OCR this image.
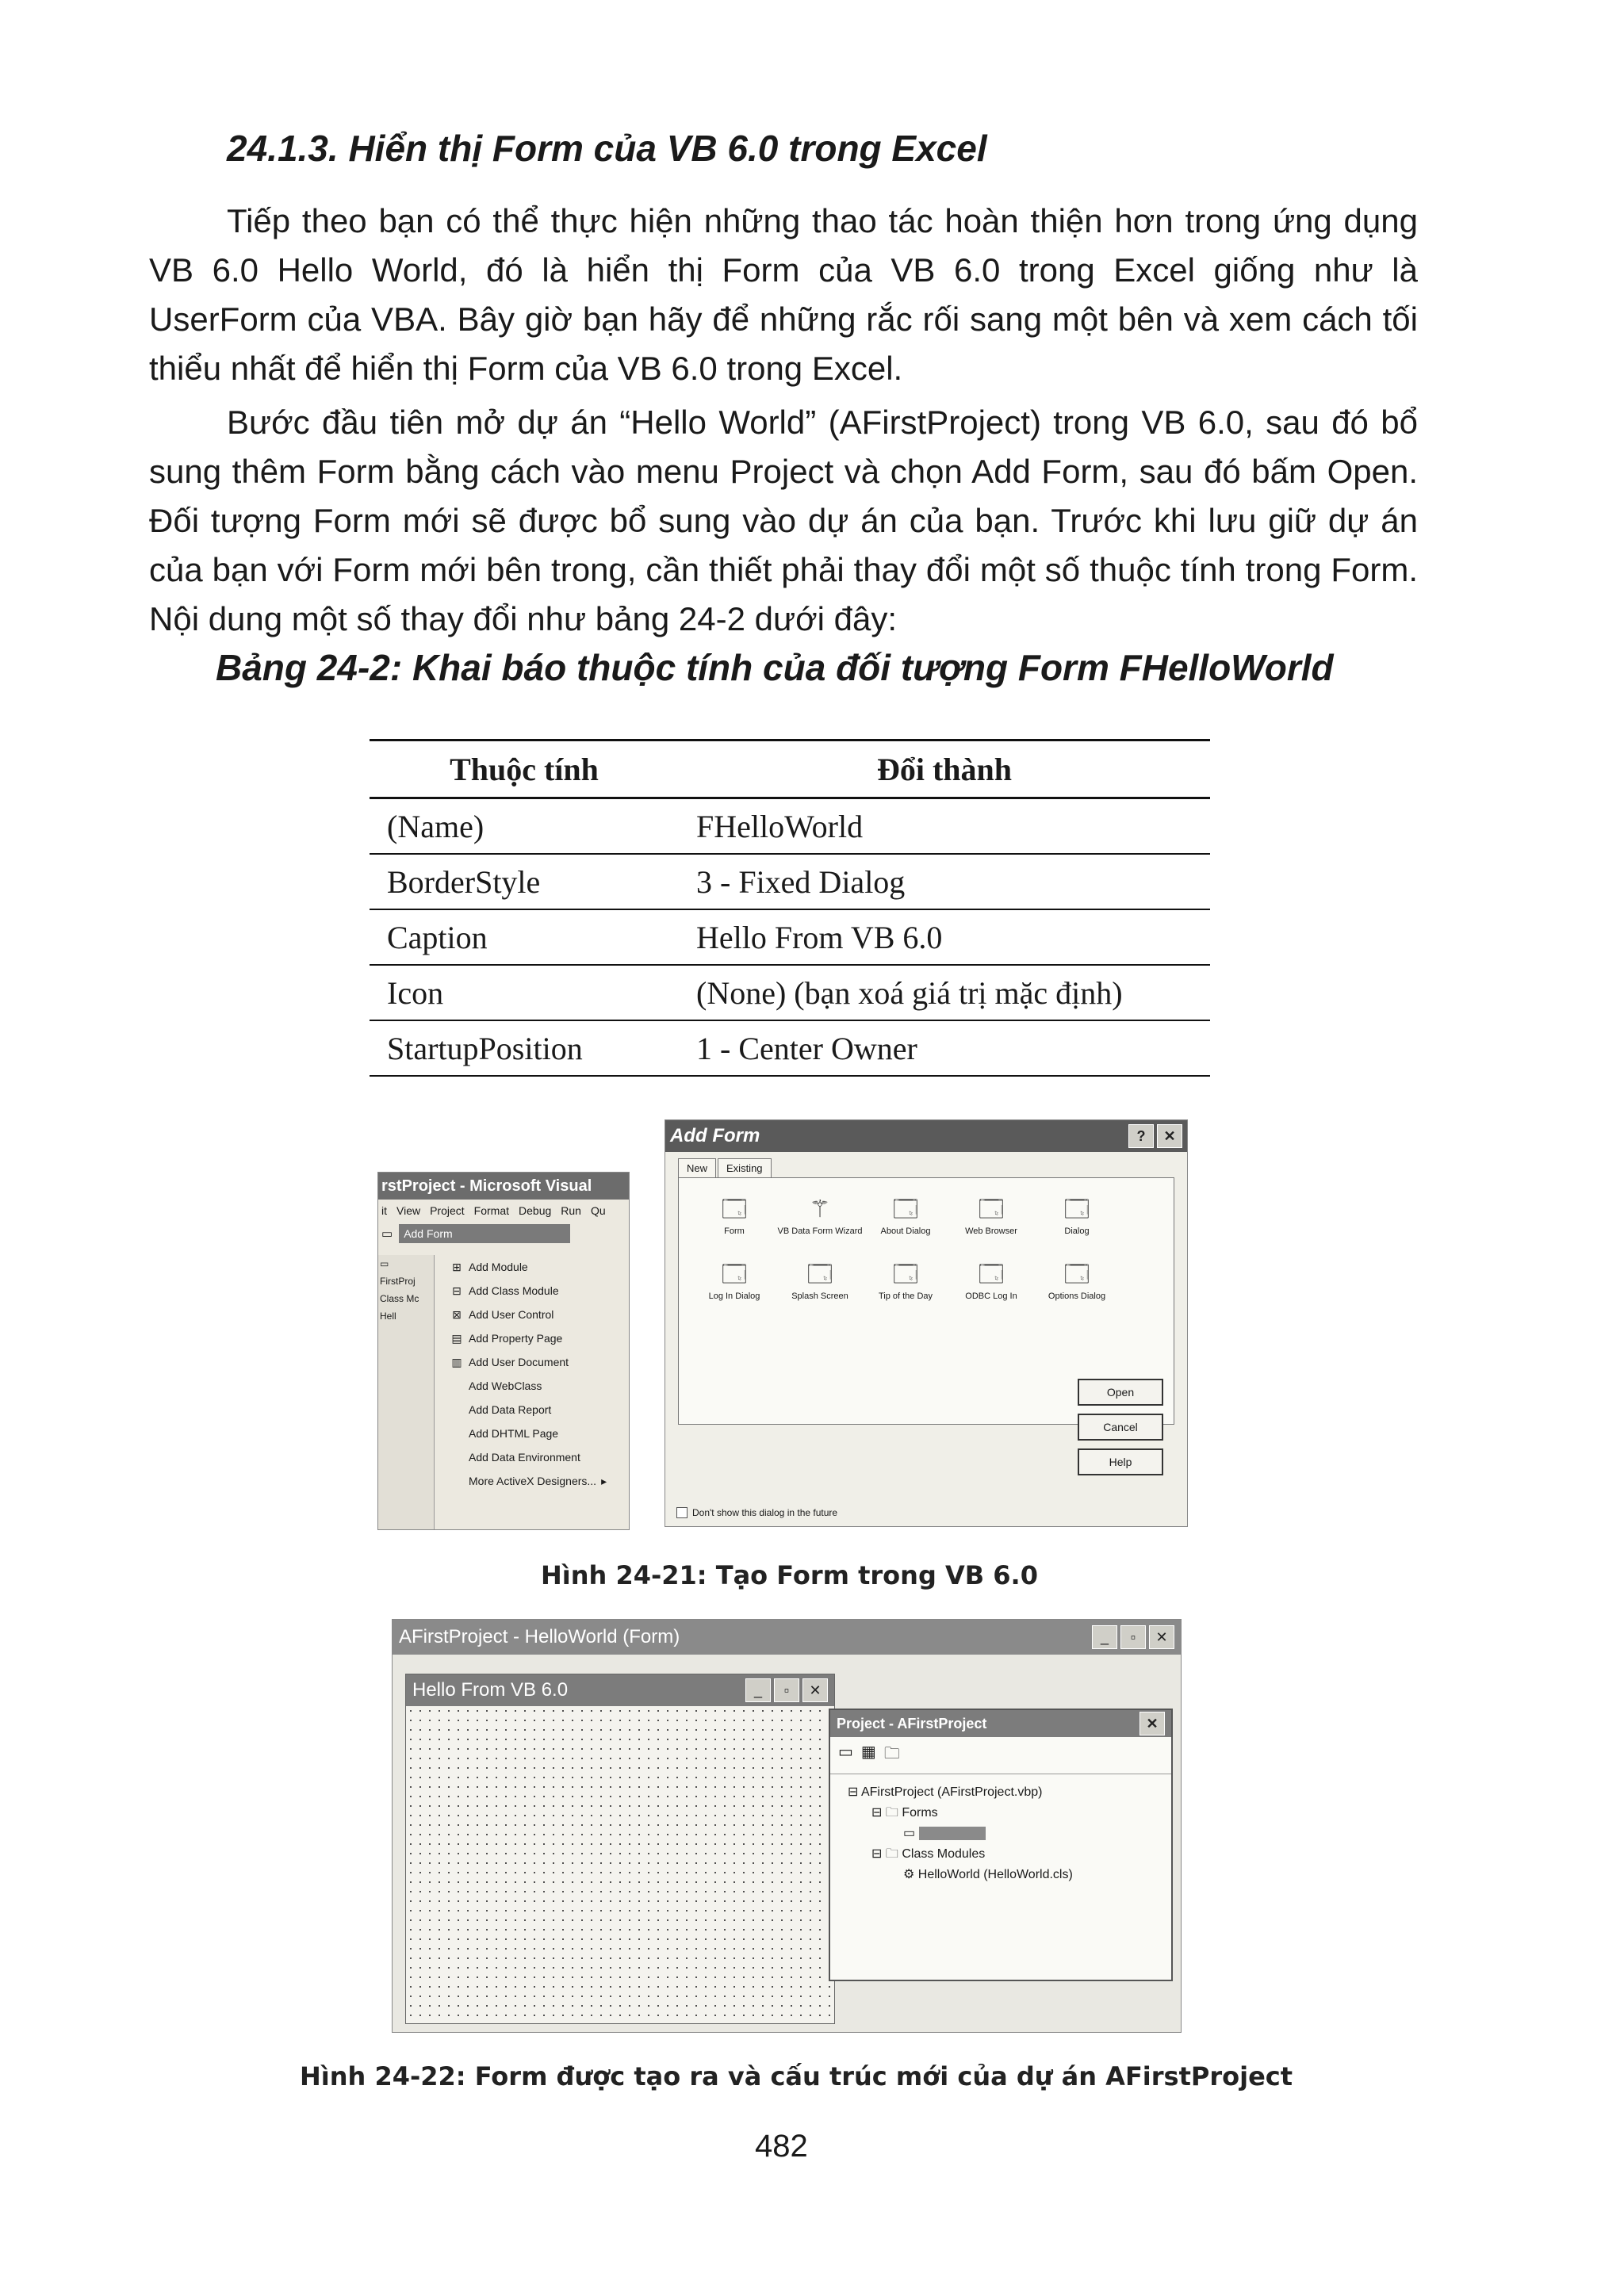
24.1.3. Hiển thị Form của VB 6.0 trong Excel

Tiếp theo bạn có thể thực hiện những thao tác hoàn thiện hơn trong ứng dụng VB 6.0 Hello World, đó là hiển thị Form của VB 6.0 trong Excel giống như là UserForm của VBA. Bây giờ bạn hãy để những rắc rối sang một bên và xem cách tối thiểu nhất để hiển thị Form của VB 6.0 trong Excel.

Bước đầu tiên mở dự án “Hello World” (AFirstProject) trong VB 6.0, sau đó bổ sung thêm Form bằng cách vào menu Project và chọn Add Form, sau đó bấm Open. Đối tượng Form mới sẽ được bổ sung vào dự án của bạn. Trước khi lưu giữ dự án của bạn với Form mới bên trong, cần thiết phải thay đổi một số thuộc tính trong Form. Nội dung một số thay đổi như bảng 24-2 dưới đây:

Bảng 24-2: Khai báo thuộc tính của đối tượng Form FHelloWorld
Thuộc tính	Đổi thành
(Name)	FHelloWorld
BorderStyle	3 - Fixed Dialog
Caption	Hello From VB 6.0
Icon	(None) (bạn xoá giá trị mặc định)
StartupPosition	1 - Center Owner
rstProject - Microsoft Visual
it View Project Format Debug Run Qu
▭	Add Form
▭
FirstProj
Class Mc
Hell
⊞ Add Module
⊟ Add Class Module
⊠ Add User Control
▤ Add Property Page
▥ Add User Document
Add WebClass
Add Data Report
Add DHTML Page
Add Data Environment
More ActiveX Designers... ▸
Add Form	?	✕
New	Existing
🗔
Form
⚚
VB Data Form Wizard
🗔
About Dialog
🗔
Web Browser
🗔
Dialog
🗔
Log In Dialog
🗔
Splash Screen
🗔
Tip of the Day
🗔
ODBC Log In
🗔
Options Dialog
Open
Cancel
Help
Don't show this dialog in the future
Hình 24-21: Tạo Form trong VB 6.0
AFirstProject - HelloWorld (Form)	_	▫	✕
Hello From VB 6.0	_	▫	✕
Project - AFirstProject	✕
▭ ▦ 🗀
⊟ AFirstProject (AFirstProject.vbp)
⊟ 🗀 Forms
▭	.
⊟ 🗀 Class Modules
⚙ HelloWorld (HelloWorld.cls)
Hình 24-22: Form được tạo ra và cấu trúc mới của dự án AFirstProject
482
